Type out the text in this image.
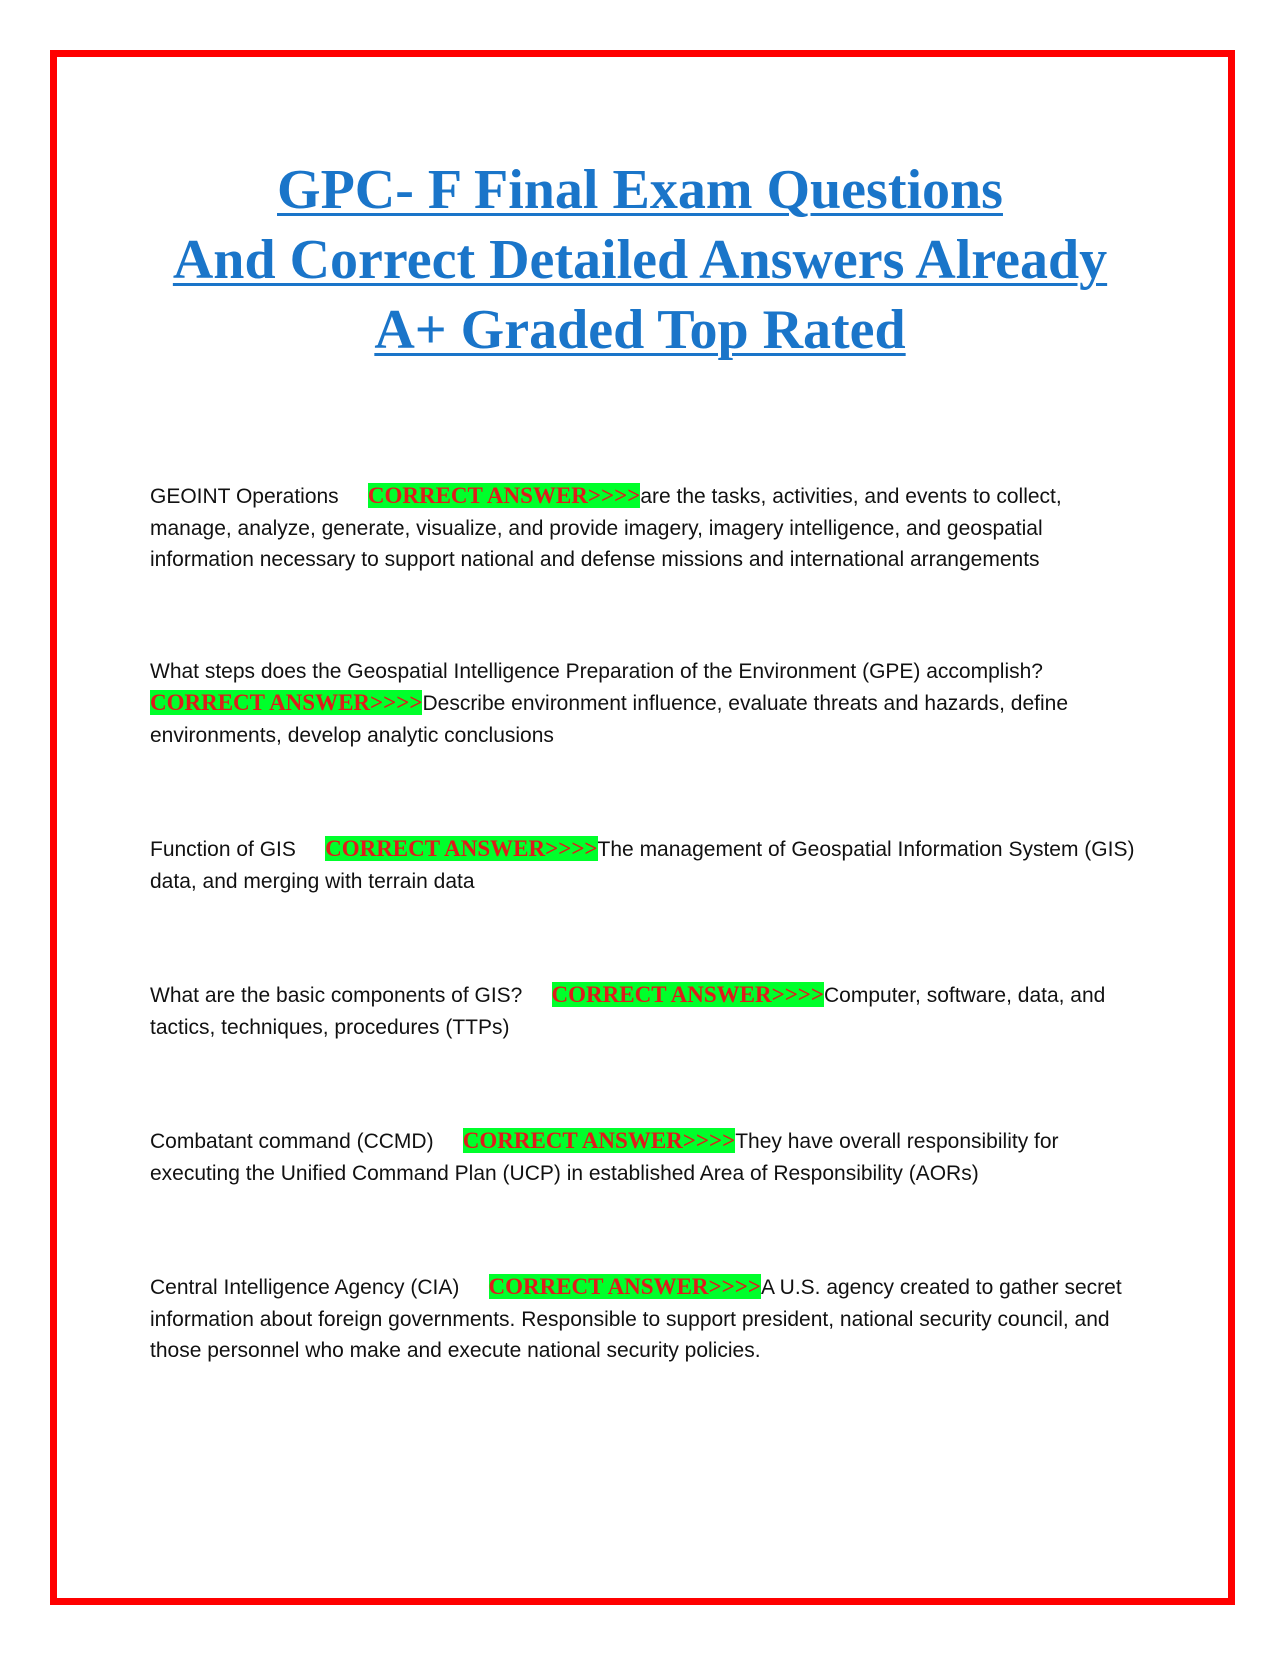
GPC- F Final Exam Questions
And Correct Detailed Answers Already
A+ Graded Top Rated

GEOINT Operations     CORRECT ANSWER>>>>are the tasks, activities, and events to collect, manage, analyze, generate, visualize, and provide imagery, imagery intelligence, and geospatial information necessary to support national and defense missions and international arrangements

What steps does the Geospatial Intelligence Preparation of the Environment (GPE) accomplish?     CORRECT ANSWER>>>>Describe environment influence, evaluate threats and hazards, define environments, develop analytic conclusions

Function of GIS     CORRECT ANSWER>>>>The management of Geospatial Information System (GIS) data, and merging with terrain data

What are the basic components of GIS?     CORRECT ANSWER>>>>Computer, software, data, and tactics, techniques, procedures (TTPs)

Combatant command (CCMD)     CORRECT ANSWER>>>>They have overall responsibility for executing the Unified Command Plan (UCP) in established Area of Responsibility (AORs)

Central Intelligence Agency (CIA)     CORRECT ANSWER>>>>A U.S. agency created to gather secret information about foreign governments. Responsible to support president, national security council, and those personnel who make and execute national security policies.
